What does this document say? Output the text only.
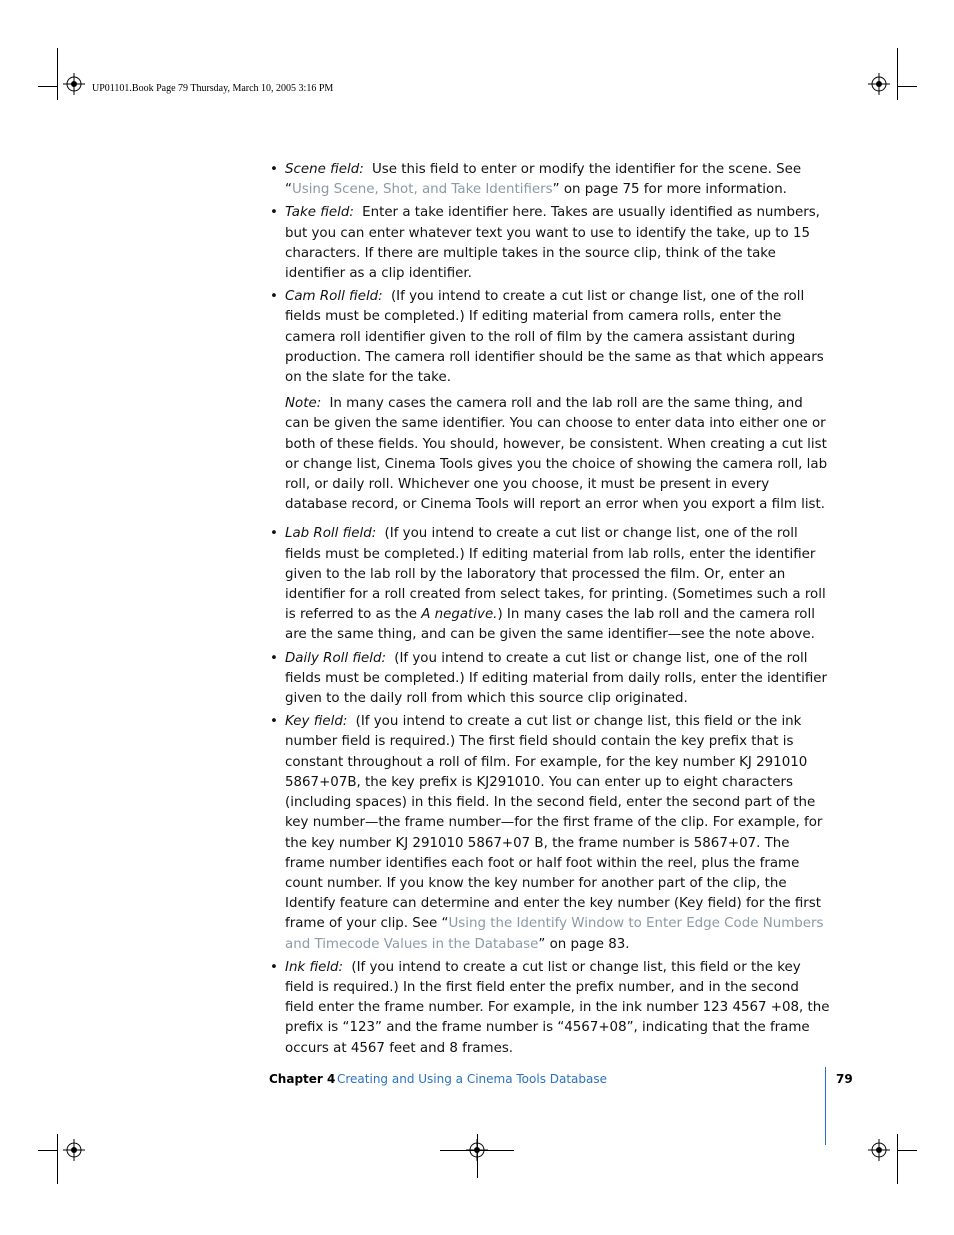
UP01101.Book Page 79 Thursday, March 10, 2005 3:16 PM
• Scene field: Use this field to enter or modify the identifier for the scene. See “Using Scene, Shot, and Take Identifiers” on page 75 for more information.

• Take field: Enter a take identifier here. Takes are usually identified as numbers, but you can enter whatever text you want to use to identify the take, up to 15 characters. If there are multiple takes in the source clip, think of the take identifier as a clip identifier.

• Cam Roll field: (If you intend to create a cut list or change list, one of the roll fields must be completed.) If editing material from camera rolls, enter the camera roll identifier given to the roll of film by the camera assistant during production. The camera roll identifier should be the same as that which appears on the slate for the take.

Note: In many cases the camera roll and the lab roll are the same thing, and can be given the same identifier. You can choose to enter data into either one or both of these fields. You should, however, be consistent. When creating a cut list or change list, Cinema Tools gives you the choice of showing the camera roll, lab roll, or daily roll. Whichever one you choose, it must be present in every database record, or Cinema Tools will report an error when you export a film list.

• Lab Roll field: (If you intend to create a cut list or change list, one of the roll fields must be completed.) If editing material from lab rolls, enter the identifier given to the lab roll by the laboratory that processed the film. Or, enter an identifier for a roll created from select takes, for printing. (Sometimes such a roll is referred to as the A negative.) In many cases the lab roll and the camera roll are the same thing, and can be given the same identifier—see the note above.

• Daily Roll field: (If you intend to create a cut list or change list, one of the roll fields must be completed.) If editing material from daily rolls, enter the identifier given to the daily roll from which this source clip originated.

• Key field: (If you intend to create a cut list or change list, this field or the ink number field is required.) The first field should contain the key prefix that is constant throughout a roll of film. For example, for the key number KJ 291010 5867+07B, the key prefix is KJ291010. You can enter up to eight characters (including spaces) in this field. In the second field, enter the second part of the key number—the frame number—for the first frame of the clip. For example, for the key number KJ 291010 5867+07 B, the frame number is 5867+07. The frame number identifies each foot or half foot within the reel, plus the frame count number. If you know the key number for another part of the clip, the Identify feature can determine and enter the key number (Key field) for the first frame of your clip. See “Using the Identify Window to Enter Edge Code Numbers and Timecode Values in the Database” on page 83.

• Ink field: (If you intend to create a cut list or change list, this field or the key field is required.) In the first field enter the prefix number, and in the second field enter the frame number. For example, in the ink number 123 4567 +08, the prefix is “123” and the frame number is “4567+08”, indicating that the frame occurs at 4567 feet and 8 frames.

Chapter 4 Creating and Using a Cinema Tools Database	79
